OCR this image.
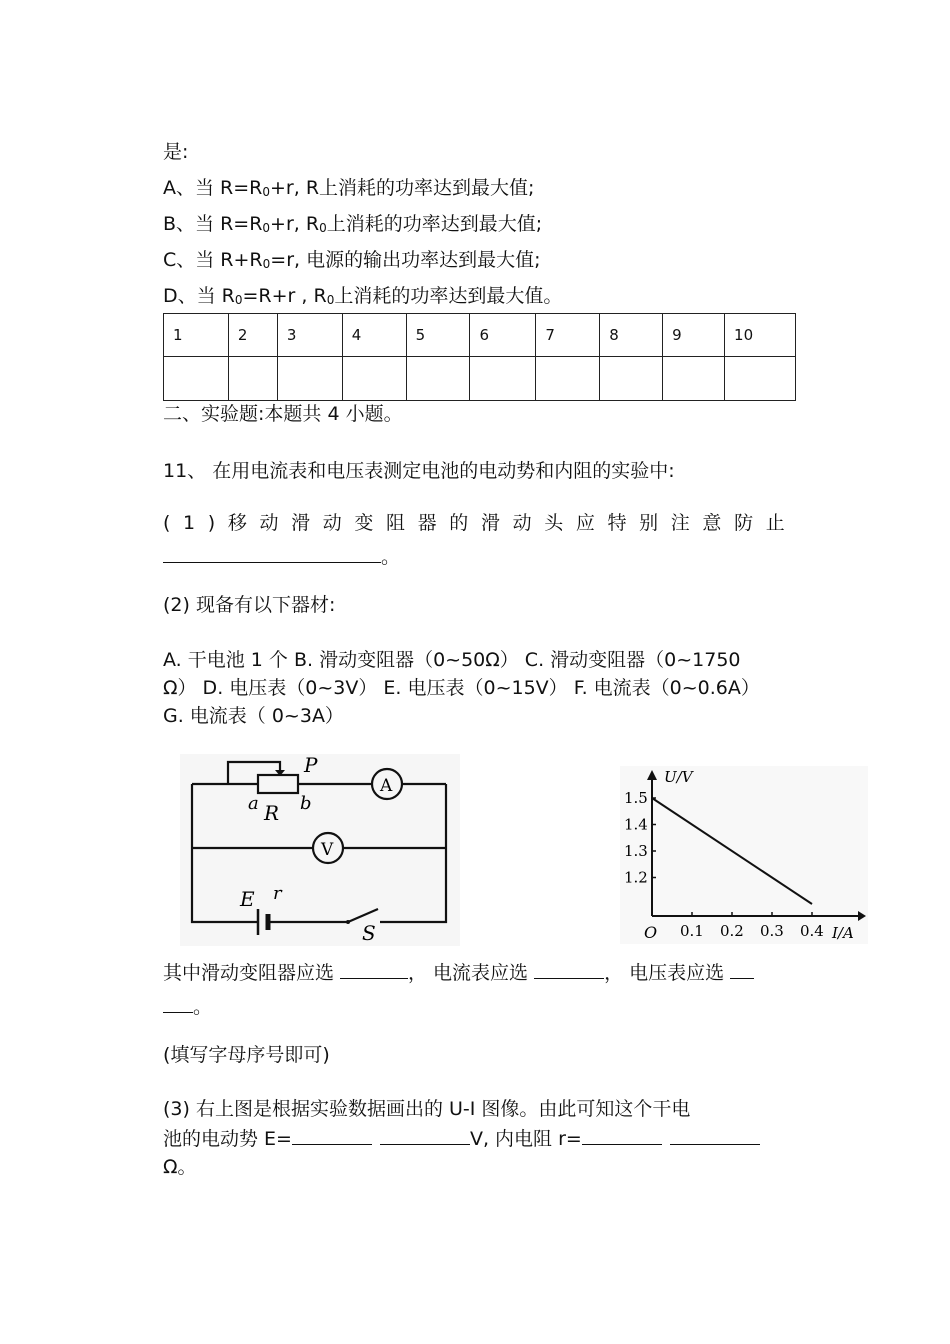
是:
A、当 R=R0+r, R上消耗的功率达到最大值;
B、当 R=R0+r, R0上消耗的功率达到最大值;
C、当 R+R0=r, 电源的输出功率达到最大值;
D、当 R0=R+r , R0上消耗的功率达到最大值。
1	2	3	4	5	6	7	8	9	10

二、实验题:本题共 4 小题。
11、 在用电流表和电压表测定电池的电动势和内阻的实验中:
( 1 ) 移 动 滑 动 变 阻 器 的 滑 动 头 应 特 别 注 意 防 止
。
(2) 现备有以下器材:
A. 干电池 1 个 B. 滑动变阻器（0~50Ω） C. 滑动变阻器（0~1750
Ω） D. 电压表（0~3V） E. 电压表（0~15V） F. 电流表（0~0.6A）
G. 电流表（ 0~3A）
P
a R b
A
V
E r
S
U/V
I/A
O 0.1 0.2 0.3 0.4
1.2
1.3
1.4
1.5
其中滑动变阻器应选	， 电流表应选	， 电压表应选
。
(填写字母序号即可)
(3) 右上图是根据实验数据画出的 U-I 图像。由此可知这个干电
池的电动势 E=	V, 内电阻 r=
Ω。
